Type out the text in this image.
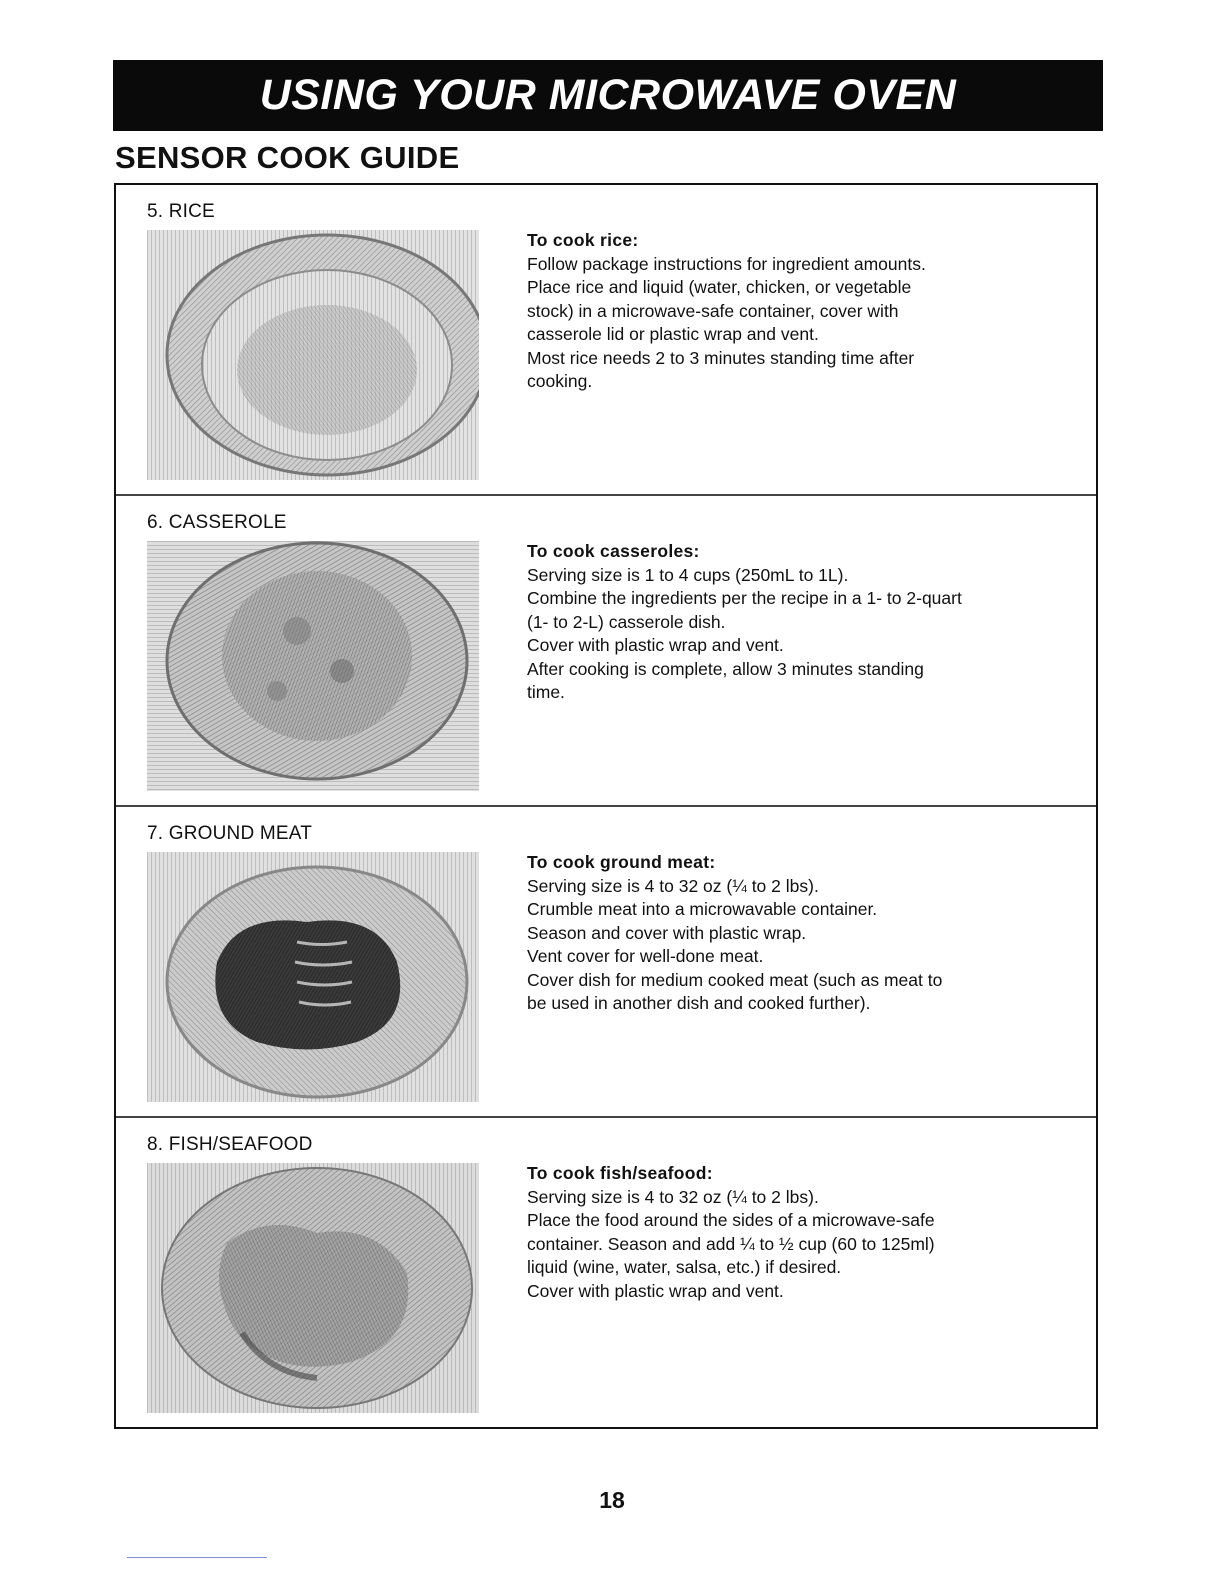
USING YOUR MICROWAVE OVEN
SENSOR COOK GUIDE
5. RICE
To cook rice:
Follow package instructions for ingredient amounts.
Place rice and liquid (water, chicken, or vegetable
stock) in a microwave-safe container, cover with
casserole lid or plastic wrap and vent.
Most rice needs 2 to 3 minutes standing time after
cooking.
6. CASSEROLE
To cook casseroles:
Serving size is 1 to 4 cups (250mL to 1L).
Combine the ingredients per the recipe in a 1- to 2-quart
(1- to 2-L) casserole dish.
Cover with plastic wrap and vent.
After cooking is complete, allow 3 minutes standing
time.
7. GROUND MEAT
To cook ground meat:
Serving size is 4 to 32 oz (¼ to 2 lbs).
Crumble meat into a microwavable container.
Season and cover with plastic wrap.
Vent cover for well-done meat.
Cover dish for medium cooked meat (such as meat to
be used in another dish and cooked further).
8. FISH/SEAFOOD
To cook fish/seafood:
Serving size is 4 to 32 oz (¼ to 2 lbs).
Place the food around the sides of a microwave-safe
container. Season and add ¼ to ½ cup (60 to 125ml)
liquid (wine, water, salsa, etc.) if desired.
Cover with plastic wrap and vent.
18
